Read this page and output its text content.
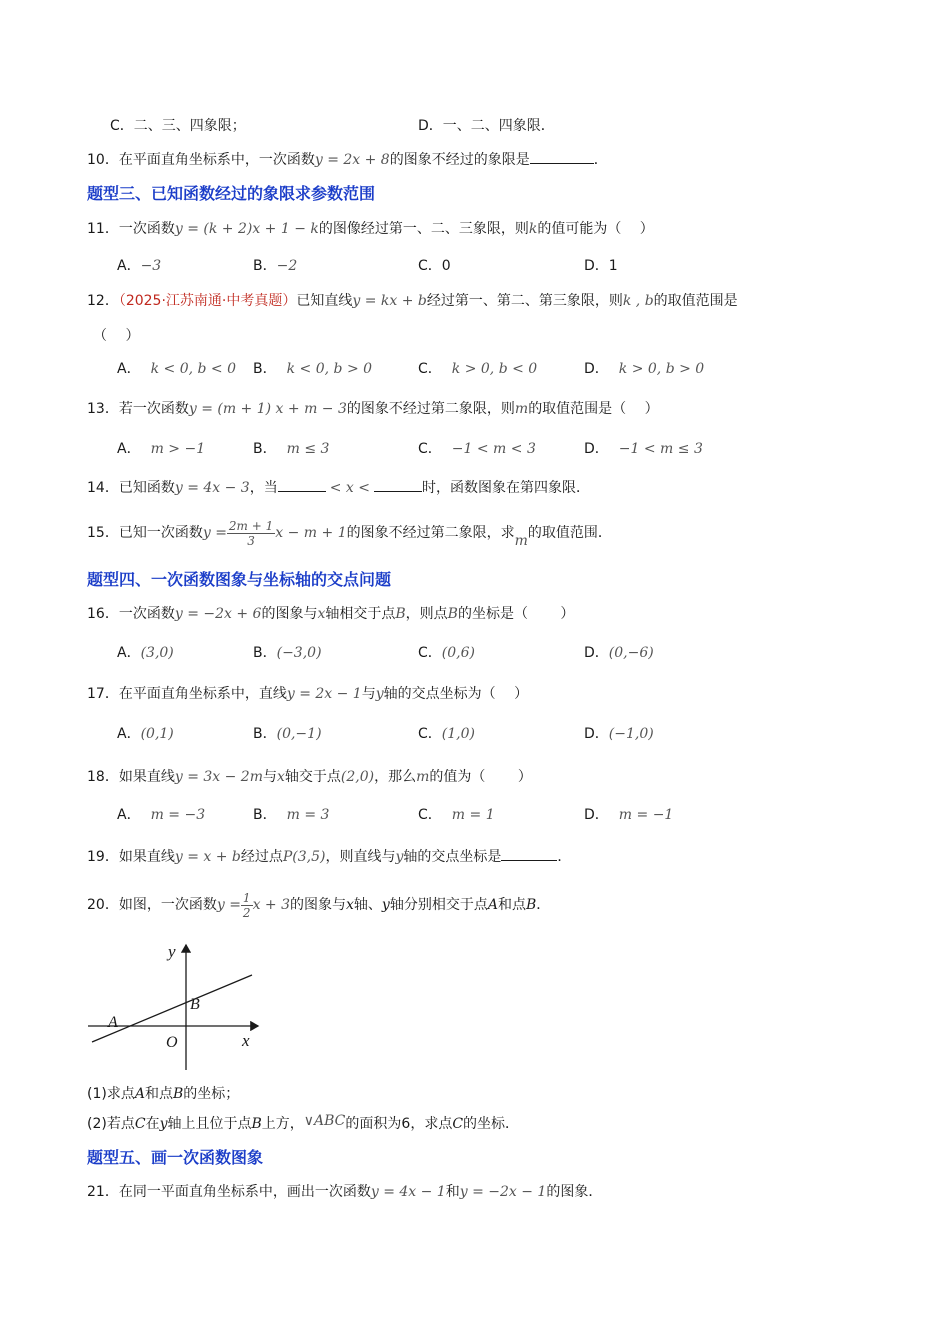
C．二、三、四象限；	D．一、二、四象限．
10．在平面直角坐标系中，一次函数y = 2x + 8的图象不经过的象限是	．
题型三、已知函数经过的象限求参数范围
11．一次函数y = (k + 2)x + 1 − k的图像经过第一、二、三象限，则k的值可能为（　 ）
A．−3	B．−2	C．0	D．1
12．（2025·江苏南通·中考真题）已知直线y = kx + b经过第一、第二、第三象限，则k , b的取值范围是
（　 ）
A． k < 0, b < 0 B． k < 0, b > 0	C． k > 0, b < 0	D． k > 0, b > 0
13．若一次函数y = (m + 1) x + m − 3的图象不经过第二象限，则m的取值范围是（　 ）
A． m > −1	B． m ≤ 3	C． −1 < m < 3	D． −1 < m ≤ 3
14．已知函数y = 4x − 3，当	< x <	时，函数图象在第四象限．
15．已知一次函数$y = \frac{2m + 1}{3}$ x − m + 1的图象不经过第二象限，求m的取值范围．
题型四、一次函数图象与坐标轴的交点问题
16．一次函数y = −2x + 6的图象与x轴相交于点B，则点B的坐标是（　　 ）
A．(3,0)	B．(−3,0)	C．(0,6)	D．(0,−6)
17．在平面直角坐标系中，直线y = 2x − 1与y轴的交点坐标为（　 ）
A．(0,1)	B．(0,−1)	C．(1,0)	D．(−1,0)
18．如果直线y = 3x − 2m与x轴交于点(2,0)，那么m的值为（　　 ）
A． m = −3	B． m = 3	C． m = 1	D． m = −1
19．如果直线y = x + b经过点P(3,5)，则直线与y轴的交点坐标是	．
20．如图，一次函数$y = \frac{1}{2}$ x + 3的图象与x轴、y轴分别相交于点A和点B．
y
x
A
B
O
(1)求点A和点B的坐标；
(2)若点C在y轴上且位于点B上方，∨ABC的面积为6，求点C的坐标．
题型五、画一次函数图象
21．在同一平面直角坐标系中，画出一次函数y = 4x − 1和y = −2x − 1的图象．
